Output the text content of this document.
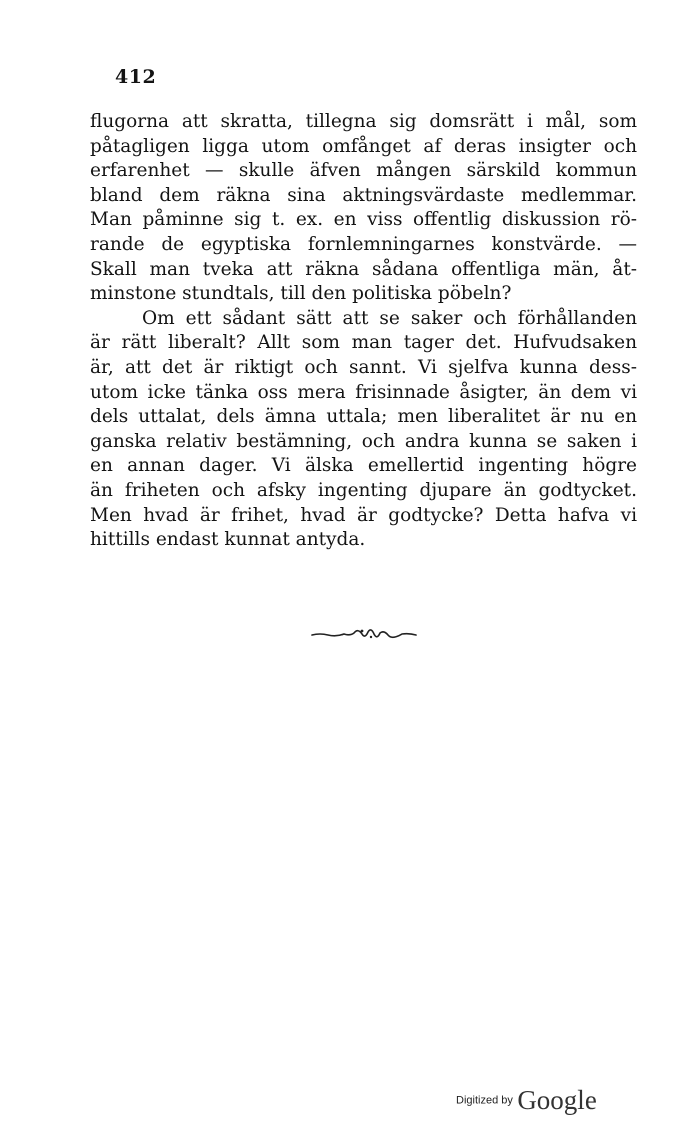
412
flugorna att skratta, tillegna sig domsrätt i mål, som
påtagligen ligga utom omfånget af deras insigter och
erfarenhet — skulle äfven mången särskild kommun
bland dem räkna sina aktningsvärdaste medlemmar.
Man påminne sig t. ex. en viss offentlig diskussion rö-
rande de egyptiska fornlemningarnes konstvärde. —
Skall man tveka att räkna sådana offentliga män, åt-
minstone stundtals, till den politiska pöbeln?
Om ett sådant sätt att se saker och förhållanden
är rätt liberalt? Allt som man tager det. Hufvudsaken
är, att det är riktigt och sannt. Vi sjelfva kunna dess-
utom icke tänka oss mera frisinnade åsigter, än dem vi
dels uttalat, dels ämna uttala; men liberalitet är nu en
ganska relativ bestämning, och andra kunna se saken i
en annan dager. Vi älska emellertid ingenting högre
än friheten och afsky ingenting djupare än godtycket.
Men hvad är frihet, hvad är godtycke? Detta hafva vi
hittills endast kunnat antyda.
Digitized by Google
